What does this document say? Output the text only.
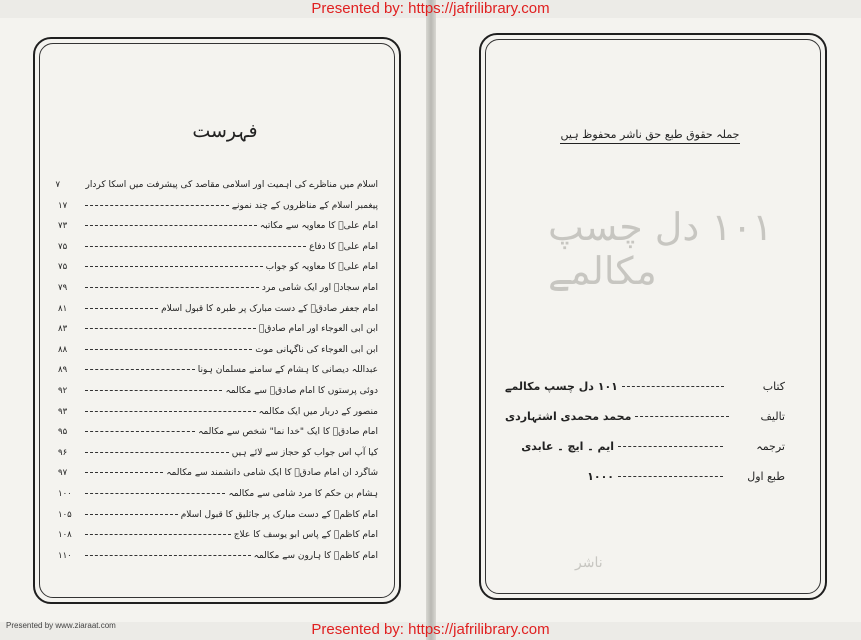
فہرست
اسلام میں مناظرے کی اہمیت اور اسلامی مقاصد کی پیشرفت میں اسکا کردار
۷
پیغمبر اسلام کے مناظروں کے چند نمونے
۱۷
امام علیؑ کا معاویہ سے مکاتبہ
۷۳
امام علیؑ کا دفاع
۷۵
امام علیؑ کا معاویہ کو جواب
۷۵
امام سجادؑ اور ایک شامی مرد
۷۹
امام جعفر صادقؑ کے دست مبارک پر طبرہ کا قبول اسلام
۸۱
ابن ابی العوجاء اور امام صادقؑ
۸۳
ابن ابی العوجاء کی ناگہانی موت
۸۸
عبداللہ دیصانی کا ہشام کے سامنے مسلمان ہونا
۸۹
دوئی پرستوں کا امام صادقؑ سے مکالمہ
۹۲
منصور کے دربار میں ایک مکالمہ
۹۳
امام صادقؑ کا ایک "خدا نما" شخص سے مکالمہ
۹۵
کیا آپ اس جواب کو حجاز سے لائے ہیں
۹۶
شاگرد ان امام صادقؑ کا ایک شامی دانشمند سے مکالمہ
۹۷
ہشام بن حکم کا مرد شامی سے مکالمہ
۱۰۰
امام کاظمؑ کے دست مبارک پر جاثلیق کا قبول اسلام
۱۰۵
امام کاظمؑ کے پاس ابو یوسف کا علاج
۱۰۸
امام کاظمؑ کا ہارون سے مکالمہ
۱۱۰
جملہ حقوق طبع حق ناشر محفوظ ہیں
١٠١ دل چسپ مکالمے
ناشر
کتاب
١٠١ دل چسپ مکالمے
تالیف
محمد محمدی اشتہاردی
ترجمہ
ایم ۔ ایچ ۔ عابدی
طبع اول
١٠٠٠
Presented by: https://jafrilibrary.com
Presented by: https://jafrilibrary.com
Presented by www.ziaraat.com
